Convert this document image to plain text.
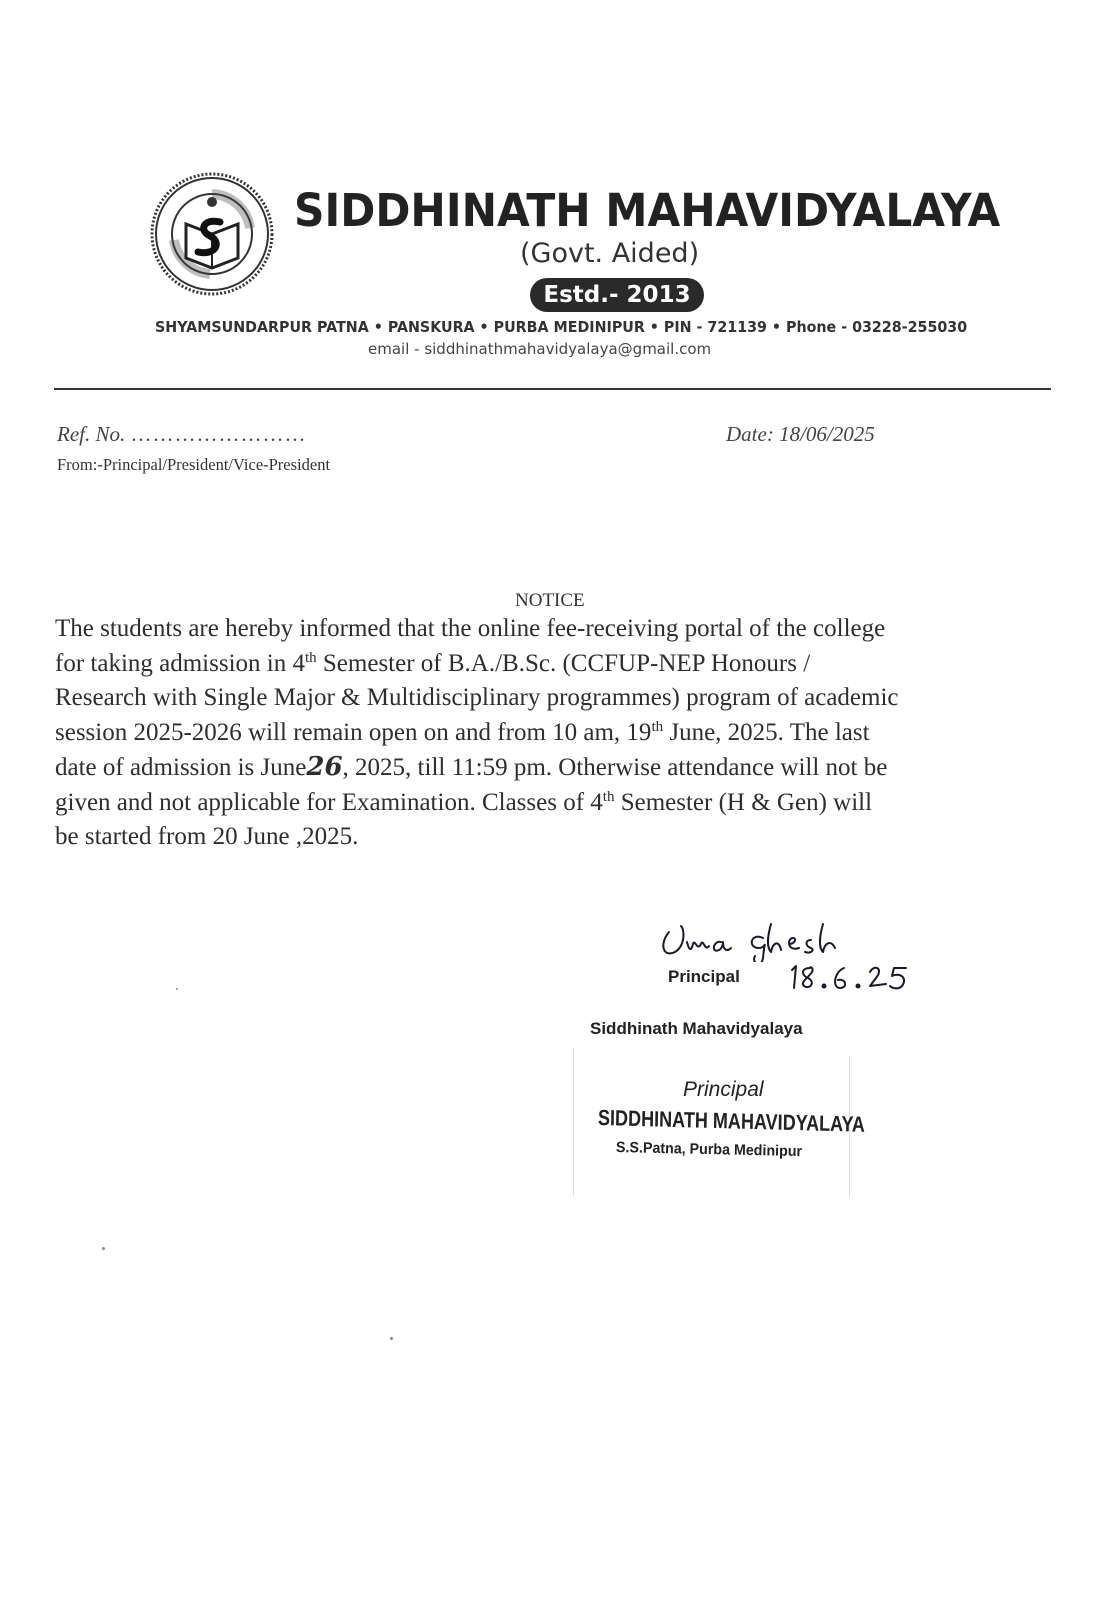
SIDDHINATH MAHAVIDYALAYA
(Govt. Aided)
Estd.- 2013
SHYAMSUNDARPUR PATNA • PANSKURA • PURBA MEDINIPUR • PIN - 721139 • Phone - 03228-255030
email - siddhinathmahavidyalaya@gmail.com
Ref. No. ……………………
From:-Principal/President/Vice-President
Date: 18/06/2025
NOTICE

The students are hereby informed that the online fee-receiving portal of the college

for taking admission in 4th Semester of B.A./B.Sc. (CCFUP-NEP Honours /

Research with Single Major & Multidisciplinary programmes) program of academic

session 2025-2026 will remain open on and from 10 am, 19th June, 2025. The last

date of admission is June26, 2025, till 11:59 pm. Otherwise attendance will not be

given and not applicable for Examination. Classes of 4th Semester (H & Gen) will

be started from 20 June ,2025.

Principal
Siddhinath Mahavidyalaya
Principal
SIDDHINATH MAHAVIDYALAYA
S.S.Patna, Purba Medinipur
